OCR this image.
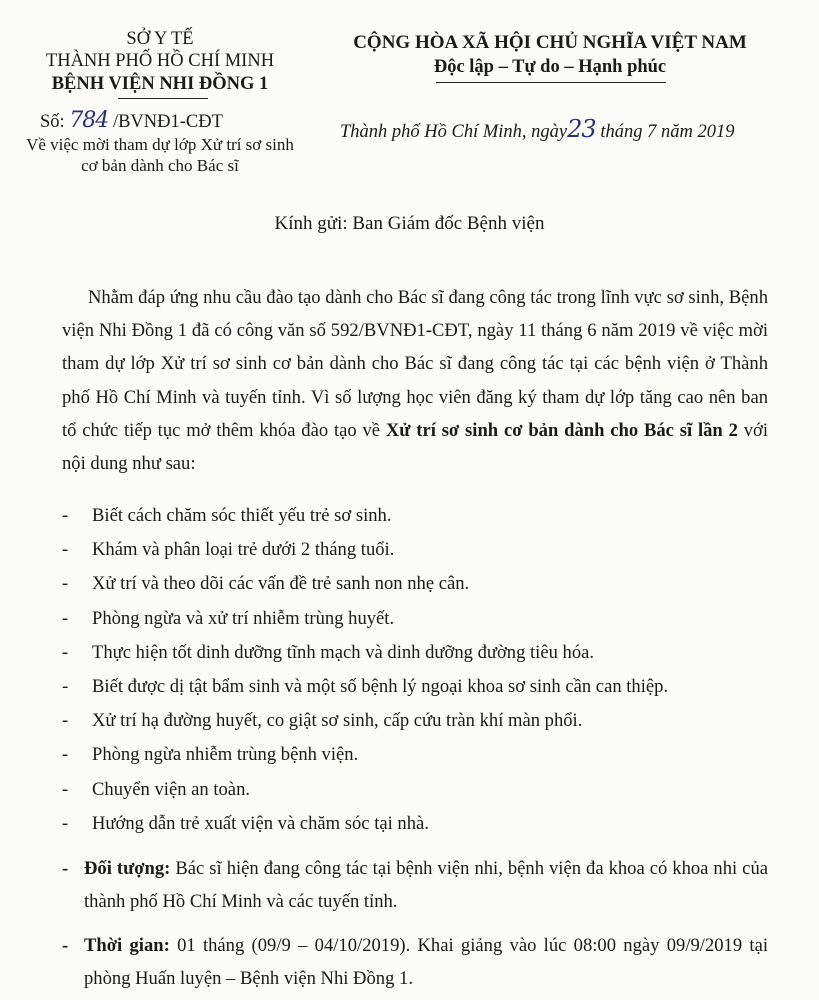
SỞ Y TẾ
THÀNH PHỐ HỒ CHÍ MINH
BỆNH VIỆN NHI ĐỒNG 1
Số: 784 /BVNĐ1-CĐT
Về việc mời tham dự lớp Xử trí sơ sinh
cơ bản dành cho Bác sĩ
CỘNG HÒA XÃ HỘI CHỦ NGHĨA VIỆT NAM
Độc lập – Tự do – Hạnh phúc
Thành phố Hồ Chí Minh, ngày23 tháng 7 năm 2019
Kính gửi: Ban Giám đốc Bệnh viện

Nhằm đáp ứng nhu cầu đào tạo dành cho Bác sĩ đang công tác trong lĩnh vực sơ sinh, Bệnh viện Nhi Đồng 1 đã có công văn số 592/BVNĐ1-CĐT, ngày 11 tháng 6 năm 2019 về việc mời tham dự lớp Xử trí sơ sinh cơ bản dành cho Bác sĩ đang công tác tại các bệnh viện ở Thành phố Hồ Chí Minh và tuyến tỉnh. Vì số lượng học viên đăng ký tham dự lớp tăng cao nên ban tổ chức tiếp tục mở thêm khóa đào tạo về Xử trí sơ sinh cơ bản dành cho Bác sĩ lần 2 với nội dung như sau:

- Biết cách chăm sóc thiết yếu trẻ sơ sinh.
- Khám và phân loại trẻ dưới 2 tháng tuổi.
- Xử trí và theo dõi các vấn đề trẻ sanh non nhẹ cân.
- Phòng ngừa và xử trí nhiễm trùng huyết.
- Thực hiện tốt dinh dưỡng tĩnh mạch và dinh dưỡng đường tiêu hóa.
- Biết được dị tật bẩm sinh và một số bệnh lý ngoại khoa sơ sinh cần can thiệp.
- Xử trí hạ đường huyết, co giật sơ sinh, cấp cứu tràn khí màn phổi.
- Phòng ngừa nhiễm trùng bệnh viện.
- Chuyển viện an toàn.
- Hướng dẫn trẻ xuất viện và chăm sóc tại nhà.
- Đối tượng: Bác sĩ hiện đang công tác tại bệnh viện nhi, bệnh viện đa khoa có khoa nhi của thành phố Hồ Chí Minh và các tuyến tỉnh.
- Thời gian: 01 tháng (09/9 – 04/10/2019). Khai giảng vào lúc 08:00 ngày 09/9/2019 tại phòng Huấn luyện – Bệnh viện Nhi Đồng 1.
